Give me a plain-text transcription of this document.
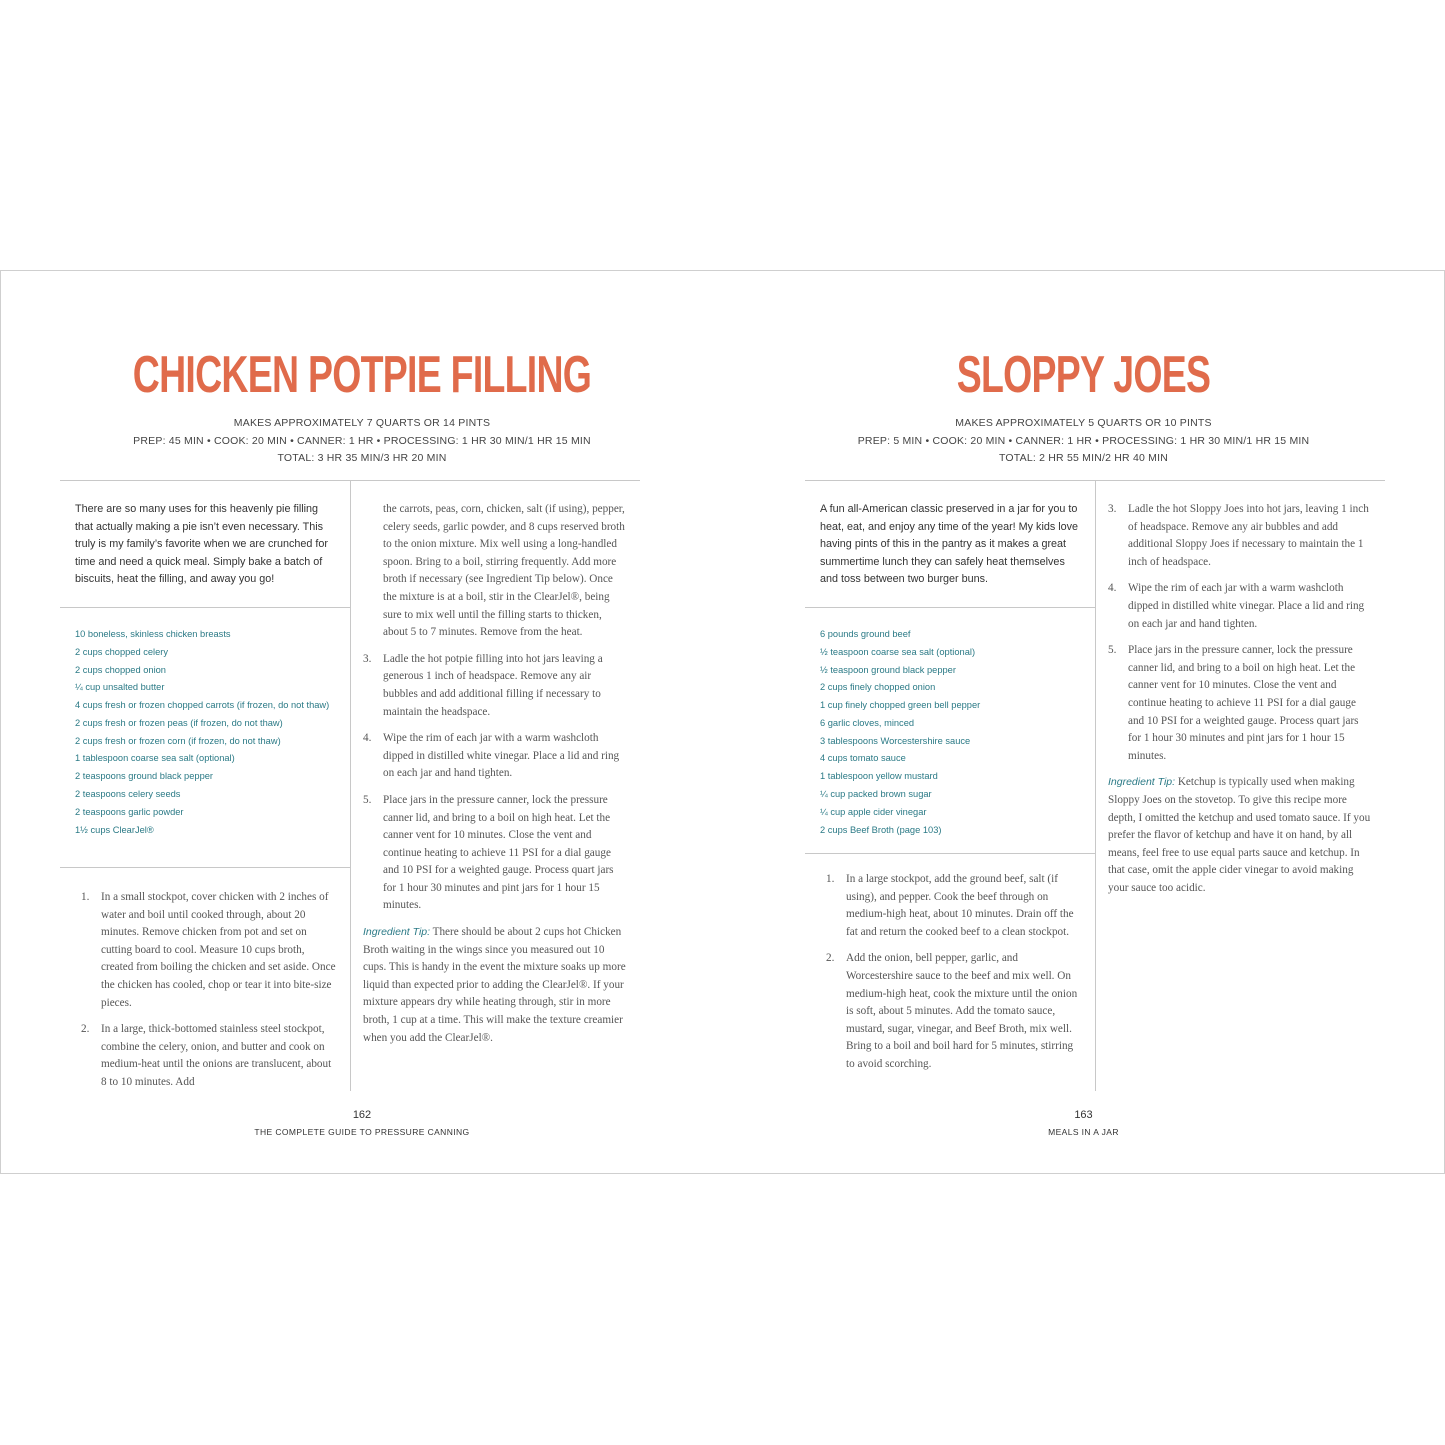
CHICKEN POTPIE FILLING
MAKES APPROXIMATELY 7 QUARTS OR 14 PINTS
PREP: 45 MIN • COOK: 20 MIN • CANNER: 1 HR • PROCESSING: 1 HR 30 MIN/1 HR 15 MIN
TOTAL: 3 HR 35 MIN/3 HR 20 MIN
There are so many uses for this heavenly pie filling that actually making a pie isn’t even necessary. This truly is my family’s favorite when we are crunched for time and need a quick meal. Simply bake a batch of biscuits, heat the filling, and away you go!
10 boneless, skinless chicken breasts
2 cups chopped celery
2 cups chopped onion
¼ cup unsalted butter
4 cups fresh or frozen chopped carrots (if frozen, do not thaw)
2 cups fresh or frozen peas (if frozen, do not thaw)
2 cups fresh or frozen corn (if frozen, do not thaw)
1 tablespoon coarse sea salt (optional)
2 teaspoons ground black pepper
2 teaspoons celery seeds
2 teaspoons garlic powder
1½ cups ClearJel®
1. In a small stockpot, cover chicken with 2 inches of water and boil until cooked through, about 20 minutes. Remove chicken from pot and set on cutting board to cool. Measure 10 cups broth, created from boiling the chicken and set aside. Once the chicken has cooled, chop or tear it into bite-size pieces.
2. In a large, thick-bottomed stainless steel stockpot, combine the celery, onion, and butter and cook on medium-heat until the onions are translucent, about 8 to 10 minutes. Add

the carrots, peas, corn, chicken, salt (if using), pepper, celery seeds, garlic powder, and 8 cups reserved broth to the onion mixture. Mix well using a long-handled spoon. Bring to a boil, stirring frequently. Add more broth if necessary (see Ingredient Tip below). Once the mixture is at a boil, stir in the ClearJel®, being sure to mix well until the filling starts to thicken, about 5 to 7 minutes. Remove from the heat.

3. Ladle the hot potpie filling into hot jars leaving a generous 1 inch of headspace. Remove any air bubbles and add additional filling if necessary to maintain the headspace.
4. Wipe the rim of each jar with a warm washcloth dipped in distilled white vinegar. Place a lid and ring on each jar and hand tighten.
5. Place jars in the pressure canner, lock the pressure canner lid, and bring to a boil on high heat. Let the canner vent for 10 minutes. Close the vent and continue heating to achieve 11 PSI for a dial gauge and 10 PSI for a weighted gauge. Process quart jars for 1 hour 30 minutes and pint jars for 1 hour 15 minutes.

Ingredient Tip: There should be about 2 cups hot Chicken Broth waiting in the wings since you measured out 10 cups. This is handy in the event the mixture soaks up more liquid than expected prior to adding the ClearJel®. If your mixture appears dry while heating through, stir in more broth, 1 cup at a time. This will make the texture creamier when you add the ClearJel®.

162
THE COMPLETE GUIDE TO PRESSURE CANNING
SLOPPY JOES
MAKES APPROXIMATELY 5 QUARTS OR 10 PINTS
PREP: 5 MIN • COOK: 20 MIN • CANNER: 1 HR • PROCESSING: 1 HR 30 MIN/1 HR 15 MIN
TOTAL: 2 HR 55 MIN/2 HR 40 MIN
A fun all-American classic preserved in a jar for you to heat, eat, and enjoy any time of the year! My kids love having pints of this in the pantry as it makes a great summertime lunch they can safely heat themselves and toss between two burger buns.
6 pounds ground beef
½ teaspoon coarse sea salt (optional)
½ teaspoon ground black pepper
2 cups finely chopped onion
1 cup finely chopped green bell pepper
6 garlic cloves, minced
3 tablespoons Worcestershire sauce
4 cups tomato sauce
1 tablespoon yellow mustard
¼ cup packed brown sugar
¼ cup apple cider vinegar
2 cups Beef Broth (page 103)
1. In a large stockpot, add the ground beef, salt (if using), and pepper. Cook the beef through on medium-high heat, about 10 minutes. Drain off the fat and return the cooked beef to a clean stockpot.
2. Add the onion, bell pepper, garlic, and Worcestershire sauce to the beef and mix well. On medium-high heat, cook the mixture until the onion is soft, about 5 minutes. Add the tomato sauce, mustard, sugar, vinegar, and Beef Broth, mix well. Bring to a boil and boil hard for 5 minutes, stirring to avoid scorching.
3. Ladle the hot Sloppy Joes into hot jars, leaving 1 inch of headspace. Remove any air bubbles and add additional Sloppy Joes if necessary to maintain the 1 inch of headspace.
4. Wipe the rim of each jar with a warm washcloth dipped in distilled white vinegar. Place a lid and ring on each jar and hand tighten.
5. Place jars in the pressure canner, lock the pressure canner lid, and bring to a boil on high heat. Let the canner vent for 10 minutes. Close the vent and continue heating to achieve 11 PSI for a dial gauge and 10 PSI for a weighted gauge. Process quart jars for 1 hour 30 minutes and pint jars for 1 hour 15 minutes.

Ingredient Tip: Ketchup is typically used when making Sloppy Joes on the stovetop. To give this recipe more depth, I omitted the ketchup and used tomato sauce. If you prefer the flavor of ketchup and have it on hand, by all means, feel free to use equal parts sauce and ketchup. In that case, omit the apple cider vinegar to avoid making your sauce too acidic.

163
MEALS IN A JAR
